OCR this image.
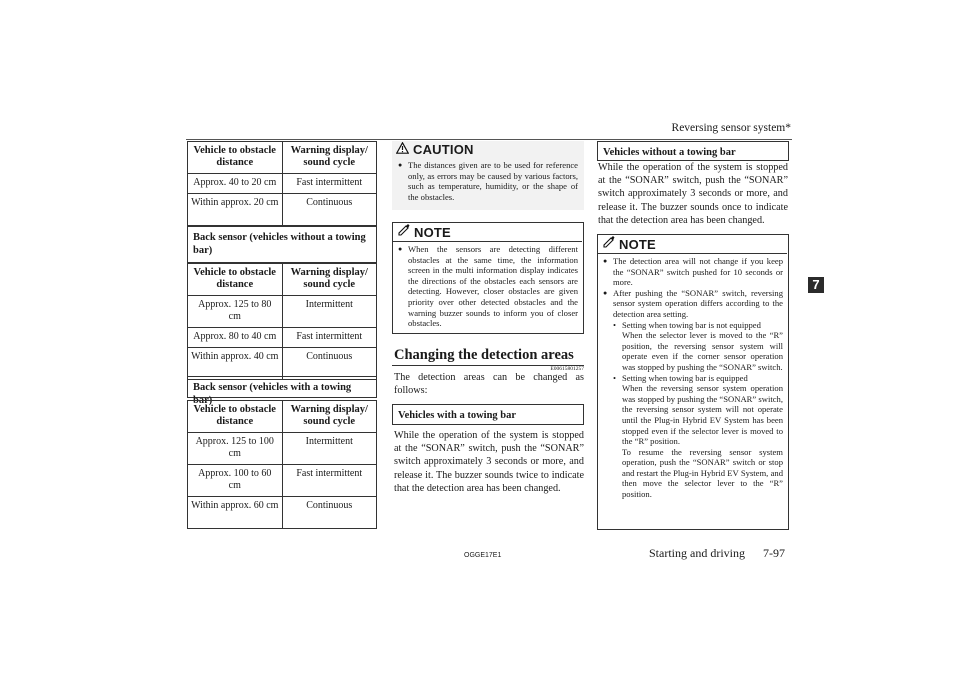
Reversing sensor system*
7
Vehicle to obstacle distance	Warning display/ sound cycle
Approx. 40 to 20 cm	Fast intermittent
Within approx. 20 cm	Continuous
Back sensor (vehicles without a towing bar)
Vehicle to obstacle distance	Warning display/ sound cycle
Approx. 125 to 80 cm	Intermittent
Approx. 80 to 40 cm	Fast intermittent
Within approx. 40 cm	Continuous
Back sensor (vehicles with a towing bar)
Vehicle to obstacle distance	Warning display/ sound cycle
Approx. 125 to 100 cm	Intermittent
Approx. 100 to 60 cm	Fast intermittent
Within approx. 60 cm	Continuous
CAUTION
● The distances given are to be used for reference only, as errors may be caused by various factors, such as temperature, humidity, or the shape of the obstacles.
NOTE
● When the sensors are detecting different obstacles at the same time, the information screen in the multi information display indicates the directions of the obstacles each sensors are detecting. However, closer obstacles are given priority over other detected obstacles and the warning buzzer sounds to inform you of closer obstacles.
Changing the detection areas
E00615801257
The detection areas can be changed as follows:
Vehicles with a towing bar
While the operation of the system is stopped at the “SONAR” switch, push the “SONAR” switch approximately 3 seconds or more, and release it. The buzzer sounds twice to indicate that the detection area has been changed.
Vehicles without a towing bar
While the operation of the system is stopped at the “SONAR” switch, push the “SONAR” switch approximately 3 seconds or more, and release it. The buzzer sounds once to indicate that the detection area has been changed.
NOTE
● The detection area will not change if you keep the “SONAR” switch pushed for 10 seconds or more.
● After pushing the “SONAR” switch, reversing sensor system operation differs according to the detection area setting.
• Setting when towing bar is not equipped
When the selector lever is moved to the “R” position, the reversing sensor system will operate even if the corner sensor operation was stopped by pushing the “SONAR” switch.
• Setting when towing bar is equipped
When the reversing sensor system operation was stopped by pushing the “SONAR” switch, the reversing sensor system will not operate until the Plug-in Hybrid EV System has been stopped even if the selector lever is moved to the “R” position.
To resume the reversing sensor system operation, push the “SONAR” switch or stop and restart the Plug-in Hybrid EV System, and then move the selector lever to the “R” position.
OGGE17E1	Starting and driving 7-97
